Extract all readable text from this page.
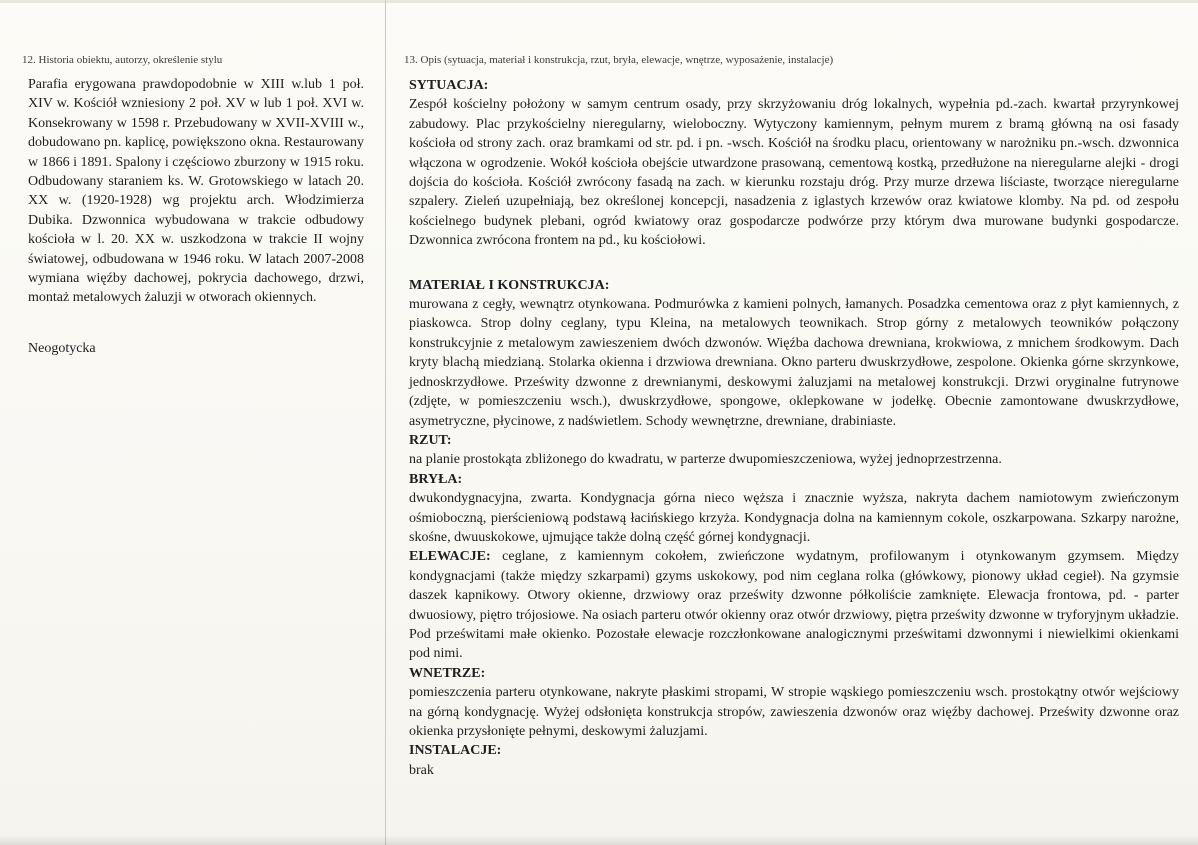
12. Historia obiektu, autorzy, określenie stylu

Parafia erygowana prawdopodobnie w XIII w.lub 1 poł. XIV w. Kościół wzniesiony 2 poł. XV w lub 1 poł. XVI w. Konsekrowany w 1598 r. Przebudowany w XVII-XVIII w., dobudowano pn. kaplicę, powiększono okna. Restaurowany w 1866 i 1891. Spalony i częściowo zburzony w 1915 roku. Odbudowany staraniem ks. W. Grotowskiego w latach 20. XX w. (1920-1928) wg projektu arch. Włodzimierza Dubika. Dzwonnica wybudowana w trakcie odbudowy kościoła w l. 20. XX w. uszkodzona w trakcie II wojny światowej, odbudowana w 1946 roku. W latach 2007-2008 wymiana więźby dachowej, pokrycia dachowego, drzwi, montaż metalowych żaluzji w otworach okiennych.

Neogotycka
13. Opis (sytuacja, materiał i konstrukcja, rzut, bryła, elewacje, wnętrze, wyposażenie, instalacje)
SYTUACJA:

Zespół kościelny położony w samym centrum osady, przy skrzyżowaniu dróg lokalnych, wypełnia pd.-zach. kwartał przyrynkowej zabudowy. Plac przykościelny nieregularny, wieloboczny. Wytyczony kamiennym, pełnym murem z bramą główną na osi fasady kościoła od strony zach. oraz bramkami od str. pd. i pn. -wsch. Kościół na środku placu, orientowany w narożniku pn.-wsch. dzwonnica włączona w ogrodzenie. Wokół kościoła obejście utwardzone prasowaną, cementową kostką, przedłużone na nieregularne alejki - drogi dojścia do kościoła. Kościół zwrócony fasadą na zach. w kierunku rozstaju dróg. Przy murze drzewa liściaste, tworzące nieregularne szpalery. Zieleń uzupełniają, bez określonej koncepcji, nasadzenia z iglastych krzewów oraz kwiatowe klomby. Na pd. od zespołu kościelnego budynek plebani, ogród kwiatowy oraz gospodarcze podwórze przy którym dwa murowane budynki gospodarcze. Dzwonnica zwrócona frontem na pd., ku kościołowi.

MATERIAŁ I KONSTRUKCJA:

murowana z cegły, wewnątrz otynkowana. Podmurówka z kamieni polnych, łamanych. Posadzka cementowa oraz z płyt kamiennych, z piaskowca. Strop dolny ceglany, typu Kleina, na metalowych teownikach. Strop górny z metalowych teowników połączony konstrukcyjnie z metalowym zawieszeniem dwóch dzwonów. Więźba dachowa drewniana, krokwiowa, z mnichem środkowym. Dach kryty blachą miedzianą. Stolarka okienna i drzwiowa drewniana. Okno parteru dwuskrzydłowe, zespolone. Okienka górne skrzynkowe, jednoskrzydłowe. Prześwity dzwonne z drewnianymi, deskowymi żaluzjami na metalowej konstrukcji. Drzwi oryginalne futrynowe (zdjęte, w pomieszczeniu wsch.), dwuskrzydłowe, spongowe, oklepkowane w jodełkę. Obecnie zamontowane dwuskrzydłowe, asymetryczne, płycinowe, z nadświetlem. Schody wewnętrzne, drewniane, drabiniaste.

RZUT:

na planie prostokąta zbliżonego do kwadratu, w parterze dwupomieszczeniowa, wyżej jednoprzestrzenna.

BRYŁA:

dwukondygnacyjna, zwarta. Kondygnacja górna nieco węższa i znacznie wyższa, nakryta dachem namiotowym zwieńczonym ośmioboczną, pierścieniową podstawą łacińskiego krzyża. Kondygnacja dolna na kamiennym cokole, oszkarpowana. Szkarpy narożne, skośne, dwuuskokowe, ujmujące także dolną część górnej kondygnacji.

ELEWACJE: ceglane, z kamiennym cokołem, zwieńczone wydatnym, profilowanym i otynkowanym gzymsem. Między kondygnacjami (także między szkarpami) gzyms uskokowy, pod nim ceglana rolka (główkowy, pionowy układ cegieł). Na gzymsie daszek kapnikowy. Otwory okienne, drzwiowy oraz prześwity dzwonne półkoliście zamknięte. Elewacja frontowa, pd. - parter dwuosiowy, piętro trójosiowe. Na osiach parteru otwór okienny oraz otwór drzwiowy, piętra prześwity dzwonne w tryforyjnym układzie. Pod prześwitami małe okienko. Pozostałe elewacje rozczłonkowane analogicznymi prześwitami dzwonnymi i niewielkimi okienkami pod nimi.

WNETRZE:

pomieszczenia parteru otynkowane, nakryte płaskimi stropami, W stropie wąskiego pomieszczeniu wsch. prostokątny otwór wejściowy na górną kondygnację. Wyżej odsłonięta konstrukcja stropów, zawieszenia dzwonów oraz więźby dachowej. Prześwity dzwonne oraz okienka przysłonięte pełnymi, deskowymi żaluzjami.

INSTALACJE:

brak
